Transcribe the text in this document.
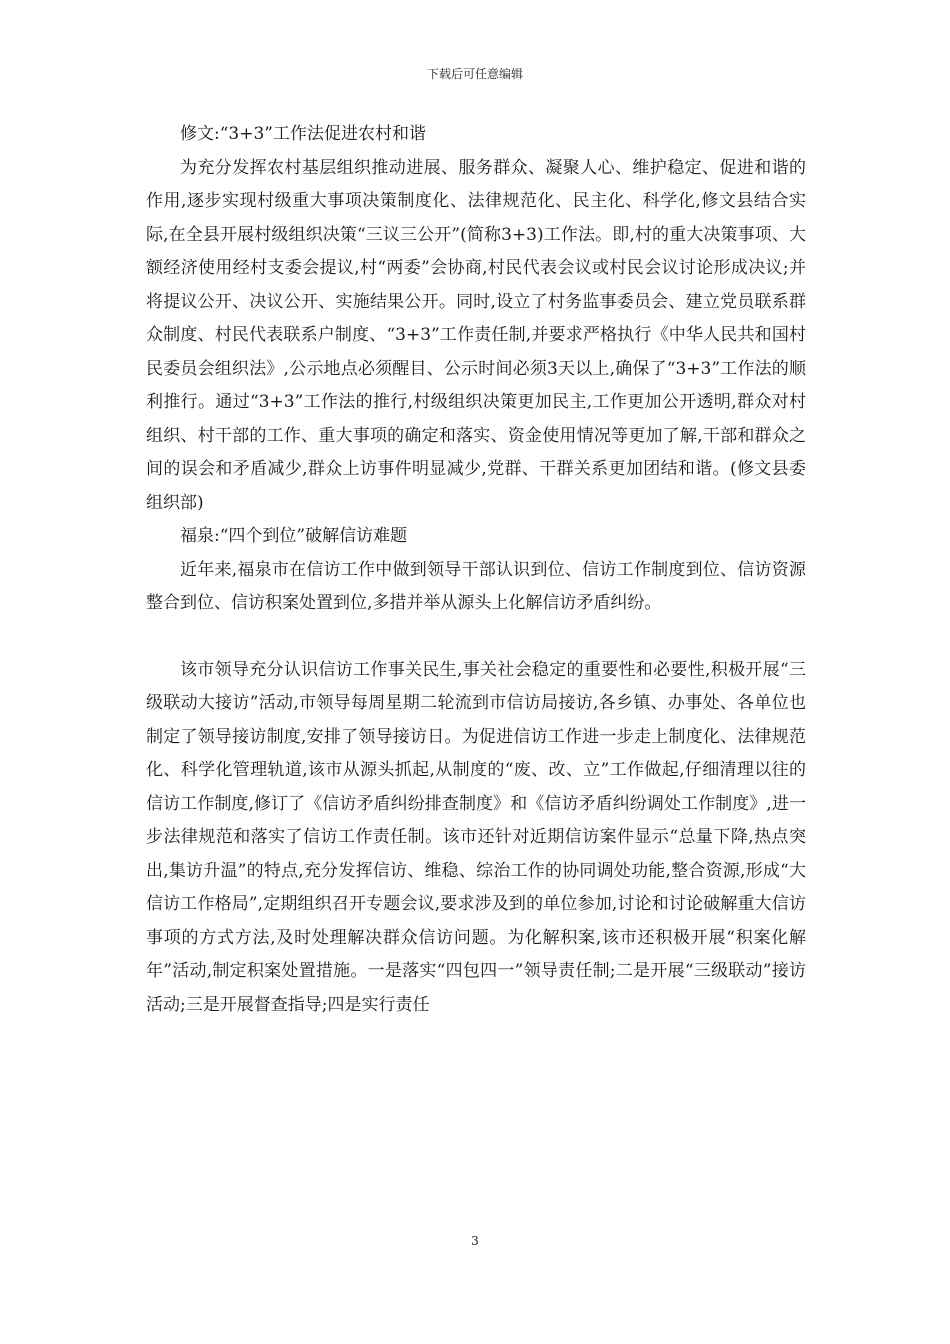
下载后可任意编辑

修文:“3+3”工作法促进农村和谐

为充分发挥农村基层组织推动进展、服务群众、凝聚人心、维护稳定、促进和谐的作用,逐步实现村级重大事项决策制度化、法律规范化、民主化、科学化,修文县结合实际,在全县开展村级组织决策“三议三公开”(简称3+3)工作法。即,村的重大决策事项、大额经济使用经村支委会提议,村“两委”会协商,村民代表会议或村民会议讨论形成决议;并将提议公开、决议公开、实施结果公开。同时,设立了村务监事委员会、建立党员联系群众制度、村民代表联系户制度、“3+3”工作责任制,并要求严格执行《中华人民共和国村民委员会组织法》,公示地点必须醒目、公示时间必须3天以上,确保了“3+3”工作法的顺利推行。通过“3+3”工作法的推行,村级组织决策更加民主,工作更加公开透明,群众对村组织、村干部的工作、重大事项的确定和落实、资金使用情况等更加了解,干部和群众之间的误会和矛盾减少,群众上访事件明显减少,党群、干群关系更加团结和谐。(修文县委组织部)

福泉:“四个到位”破解信访难题

近年来,福泉市在信访工作中做到领导干部认识到位、信访工作制度到位、信访资源整合到位、信访积案处置到位,多措并举从源头上化解信访矛盾纠纷。

该市领导充分认识信访工作事关民生,事关社会稳定的重要性和必要性,积极开展“三级联动大接访”活动,市领导每周星期二轮流到市信访局接访,各乡镇、办事处、各单位也制定了领导接访制度,安排了领导接访日。为促进信访工作进一步走上制度化、法律规范化、科学化管理轨道,该市从源头抓起,从制度的“废、改、立”工作做起,仔细清理以往的信访工作制度,修订了《信访矛盾纠纷排查制度》和《信访矛盾纠纷调处工作制度》,进一步法律规范和落实了信访工作责任制。该市还针对近期信访案件显示“总量下降,热点突出,集访升温”的特点,充分发挥信访、维稳、综治工作的协同调处功能,整合资源,形成“大信访工作格局”,定期组织召开专题会议,要求涉及到的单位参加,讨论和讨论破解重大信访事项的方式方法,及时处理解决群众信访问题。为化解积案,该市还积极开展“积案化解年”活动,制定积案处置措施。一是落实“四包四一”领导责任制;二是开展“三级联动”接访活动;三是开展督查指导;四是实行责任

3
